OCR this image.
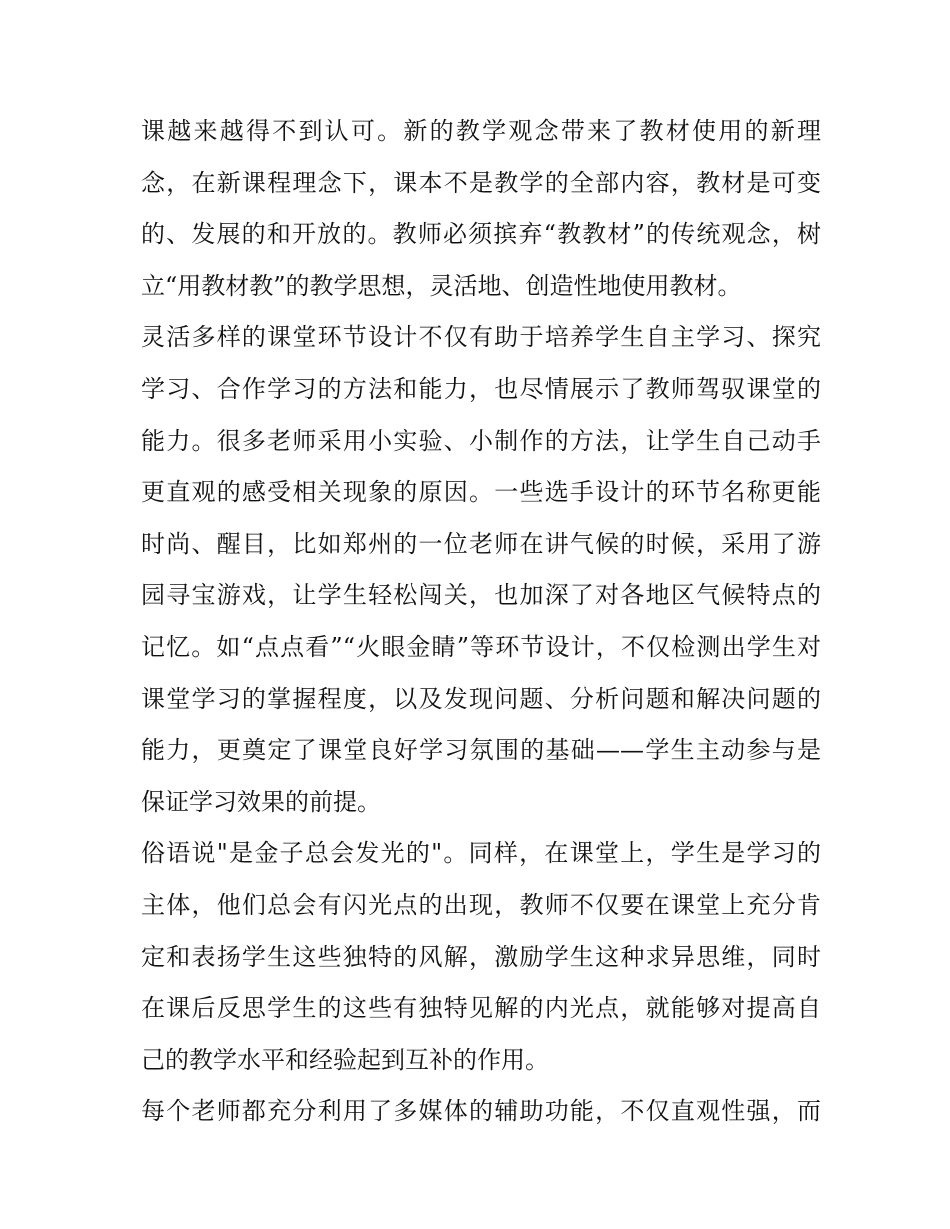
课越来越得不到认可。新的教学观念带来了教材使用的新理
念，在新课程理念下，课本不是教学的全部内容，教材是可变
的、发展的和开放的。教师必须摈弃“教教材”的传统观念，树
立“用教材教”的教学思想，灵活地、创造性地使用教材。
灵活多样的课堂环节设计不仅有助于培养学生自主学习、探究
学习、合作学习的方法和能力，也尽情展示了教师驾驭课堂的
能力。很多老师采用小实验、小制作的方法，让学生自己动手
更直观的感受相关现象的原因。一些选手设计的环节名称更能
时尚、醒目，比如郑州的一位老师在讲气候的时候，采用了游
园寻宝游戏，让学生轻松闯关，也加深了对各地区气候特点的
记忆。如“点点看”“火眼金睛”等环节设计，不仅检测出学生对
课堂学习的掌握程度，以及发现问题、分析问题和解决问题的
能力，更奠定了课堂良好学习氛围的基础——学生主动参与是
保证学习效果的前提。
俗语说"是金子总会发光的"。同样，在课堂上，学生是学习的
主体，他们总会有闪光点的出现，教师不仅要在课堂上充分肯
定和表扬学生这些独特的风解，激励学生这种求异思维，同时
在课后反思学生的这些有独特见解的内光点，就能够对提高自
己的教学水平和经验起到互补的作用。
每个老师都充分利用了多媒体的辅助功能，不仅直观性强，而
